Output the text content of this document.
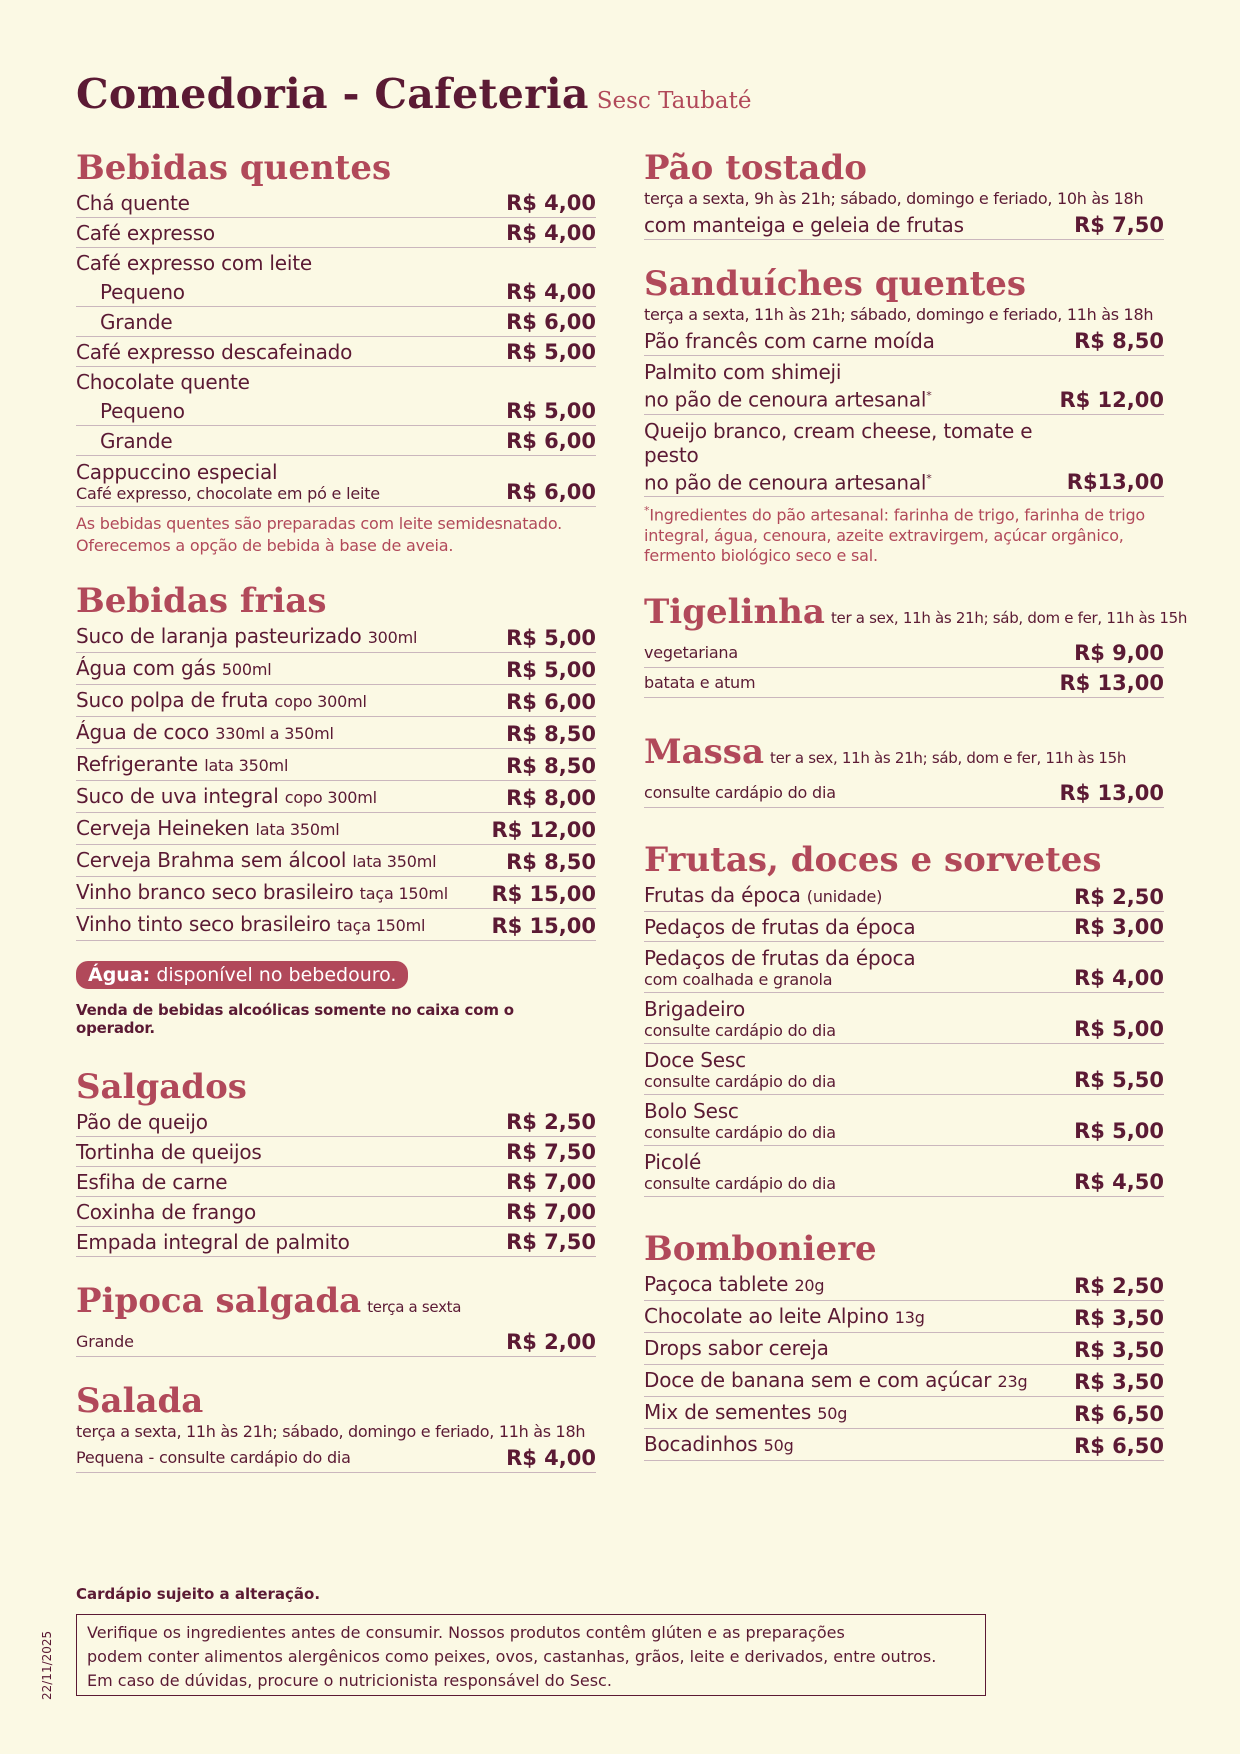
Comedoria - Cafeteria Sesc Taubaté
Bebidas quentes
Chá quente	R$ 4,00
Café expresso	R$ 4,00
Café expresso com leite
Pequeno	R$ 4,00
Grande	R$ 6,00
Café expresso descafeinado	R$ 5,00
Chocolate quente
Pequeno	R$ 5,00
Grande	R$ 6,00
Cappuccino especial
Café expresso, chocolate em pó e leite	R$ 6,00
As bebidas quentes são preparadas com leite semidesnatado.
Oferecemos a opção de bebida à base de aveia.
Bebidas frias
Suco de laranja pasteurizado 300ml	R$ 5,00
Água com gás 500ml	R$ 5,00
Suco polpa de fruta copo 300ml	R$ 6,00
Água de coco 330ml a 350ml	R$ 8,50
Refrigerante lata 350ml	R$ 8,50
Suco de uva integral copo 300ml	R$ 8,00
Cerveja Heineken lata 350ml	R$ 12,00
Cerveja Brahma sem álcool lata 350ml	R$ 8,50
Vinho branco seco brasileiro taça 150ml R$ 15,00
Vinho tinto seco brasileiro taça 150ml	R$ 15,00
Água: disponível no bebedouro.
Venda de bebidas alcoólicas somente no caixa com o operador.
Salgados
Pão de queijo	R$ 2,50
Tortinha de queijos	R$ 7,50
Esfiha de carne	R$ 7,00
Coxinha de frango	R$ 7,00
Empada integral de palmito	R$ 7,50
Pipoca salgada terça a sexta
Grande	R$ 2,00
Salada
terça a sexta, 11h às 21h; sábado, domingo e feriado, 11h às 18h
Pequena - consulte cardápio do dia	R$ 4,00
Pão tostado
terça a sexta, 9h às 21h; sábado, domingo e feriado, 10h às 18h
com manteiga e geleia de frutas	R$ 7,50
Sanduíches quentes
terça a sexta, 11h às 21h; sábado, domingo e feriado, 11h às 18h
Pão francês com carne moída	R$ 8,50
Palmito com shimeji
no pão de cenoura artesanal*	R$ 12,00
Queijo branco, cream cheese, tomate e pesto
no pão de cenoura artesanal*	R$13,00
*Ingredientes do pão artesanal: farinha de trigo, farinha de trigo
integral, água, cenoura, azeite extravirgem, açúcar orgânico,
fermento biológico seco e sal.
Tigelinha ter a sex, 11h às 21h; sáb, dom e fer, 11h às 15h
vegetariana	R$ 9,00
batata e atum	R$ 13,00
Massa ter a sex, 11h às 21h; sáb, dom e fer, 11h às 15h
consulte cardápio do dia	R$ 13,00
Frutas, doces e sorvetes
Frutas da época (unidade)	R$ 2,50
Pedaços de frutas da época	R$ 3,00
Pedaços de frutas da época
com coalhada e granola	R$ 4,00
Brigadeiro
consulte cardápio do dia	R$ 5,00
Doce Sesc
consulte cardápio do dia	R$ 5,50
Bolo Sesc
consulte cardápio do dia	R$ 5,00
Picolé
consulte cardápio do dia	R$ 4,50
Bomboniere
Paçoca tablete 20g	R$ 2,50
Chocolate ao leite Alpino 13g	R$ 3,50
Drops sabor cereja	R$ 3,50
Doce de banana sem e com açúcar 23g R$ 3,50
Mix de sementes 50g	R$ 6,50
Bocadinhos 50g	R$ 6,50
Cardápio sujeito a alteração.
Verifique os ingredientes antes de consumir. Nossos produtos contêm glúten e as preparações
podem conter alimentos alergênicos como peixes, ovos, castanhas, grãos, leite e derivados, entre outros.
Em caso de dúvidas, procure o nutricionista responsável do Sesc.
22/11/2025
